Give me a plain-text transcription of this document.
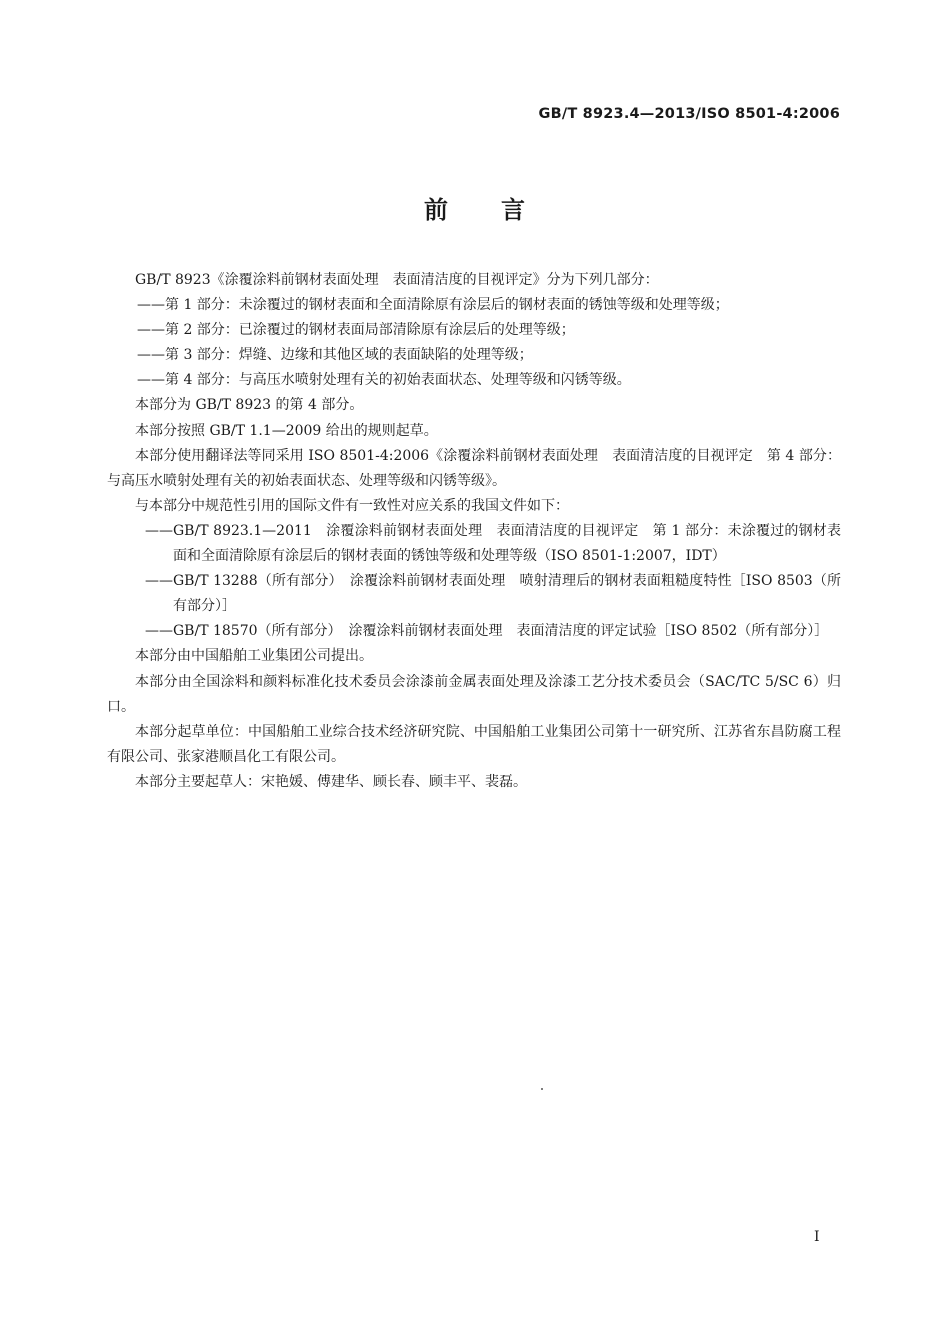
GB/T 8923.4—2013/ISO 8501-4:2006
前 言

GB/T 8923《涂覆涂料前钢材表面处理　表面清洁度的目视评定》分为下列几部分：

——第 1 部分：未涂覆过的钢材表面和全面清除原有涂层后的钢材表面的锈蚀等级和处理等级；

——第 2 部分：已涂覆过的钢材表面局部清除原有涂层后的处理等级；

——第 3 部分：焊缝、边缘和其他区域的表面缺陷的处理等级；

——第 4 部分：与高压水喷射处理有关的初始表面状态、处理等级和闪锈等级。

本部分为 GB/T 8923 的第 4 部分。

本部分按照 GB/T 1.1—2009 给出的规则起草。

本部分使用翻译法等同采用 ISO 8501-4:2006《涂覆涂料前钢材表面处理　表面清洁度的目视评定　第 4 部分：与高压水喷射处理有关的初始表面状态、处理等级和闪锈等级》。

与本部分中规范性引用的国际文件有一致性对应关系的我国文件如下：

—— GB/T 8923.1—2011　涂覆涂料前钢材表面处理　表面清洁度的目视评定　第 1 部分：未涂覆过的钢材表面和全面清除原有涂层后的钢材表面的锈蚀等级和处理等级（ISO 8501-1:2007，IDT）
—— GB/T 13288（所有部分）　涂覆涂料前钢材表面处理　喷射清理后的钢材表面粗糙度特性［ISO 8503（所有部分）］
—— GB/T 18570（所有部分）　涂覆涂料前钢材表面处理　表面清洁度的评定试验［ISO 8502（所有部分）］

本部分由中国船舶工业集团公司提出。

本部分由全国涂料和颜料标准化技术委员会涂漆前金属表面处理及涂漆工艺分技术委员会（SAC/TC 5/SC 6）归口。

本部分起草单位：中国船舶工业综合技术经济研究院、中国船舶工业集团公司第十一研究所、江苏省东昌防腐工程有限公司、张家港顺昌化工有限公司。

本部分主要起草人：宋艳媛、傅建华、顾长春、顾丰平、裴磊。

I
